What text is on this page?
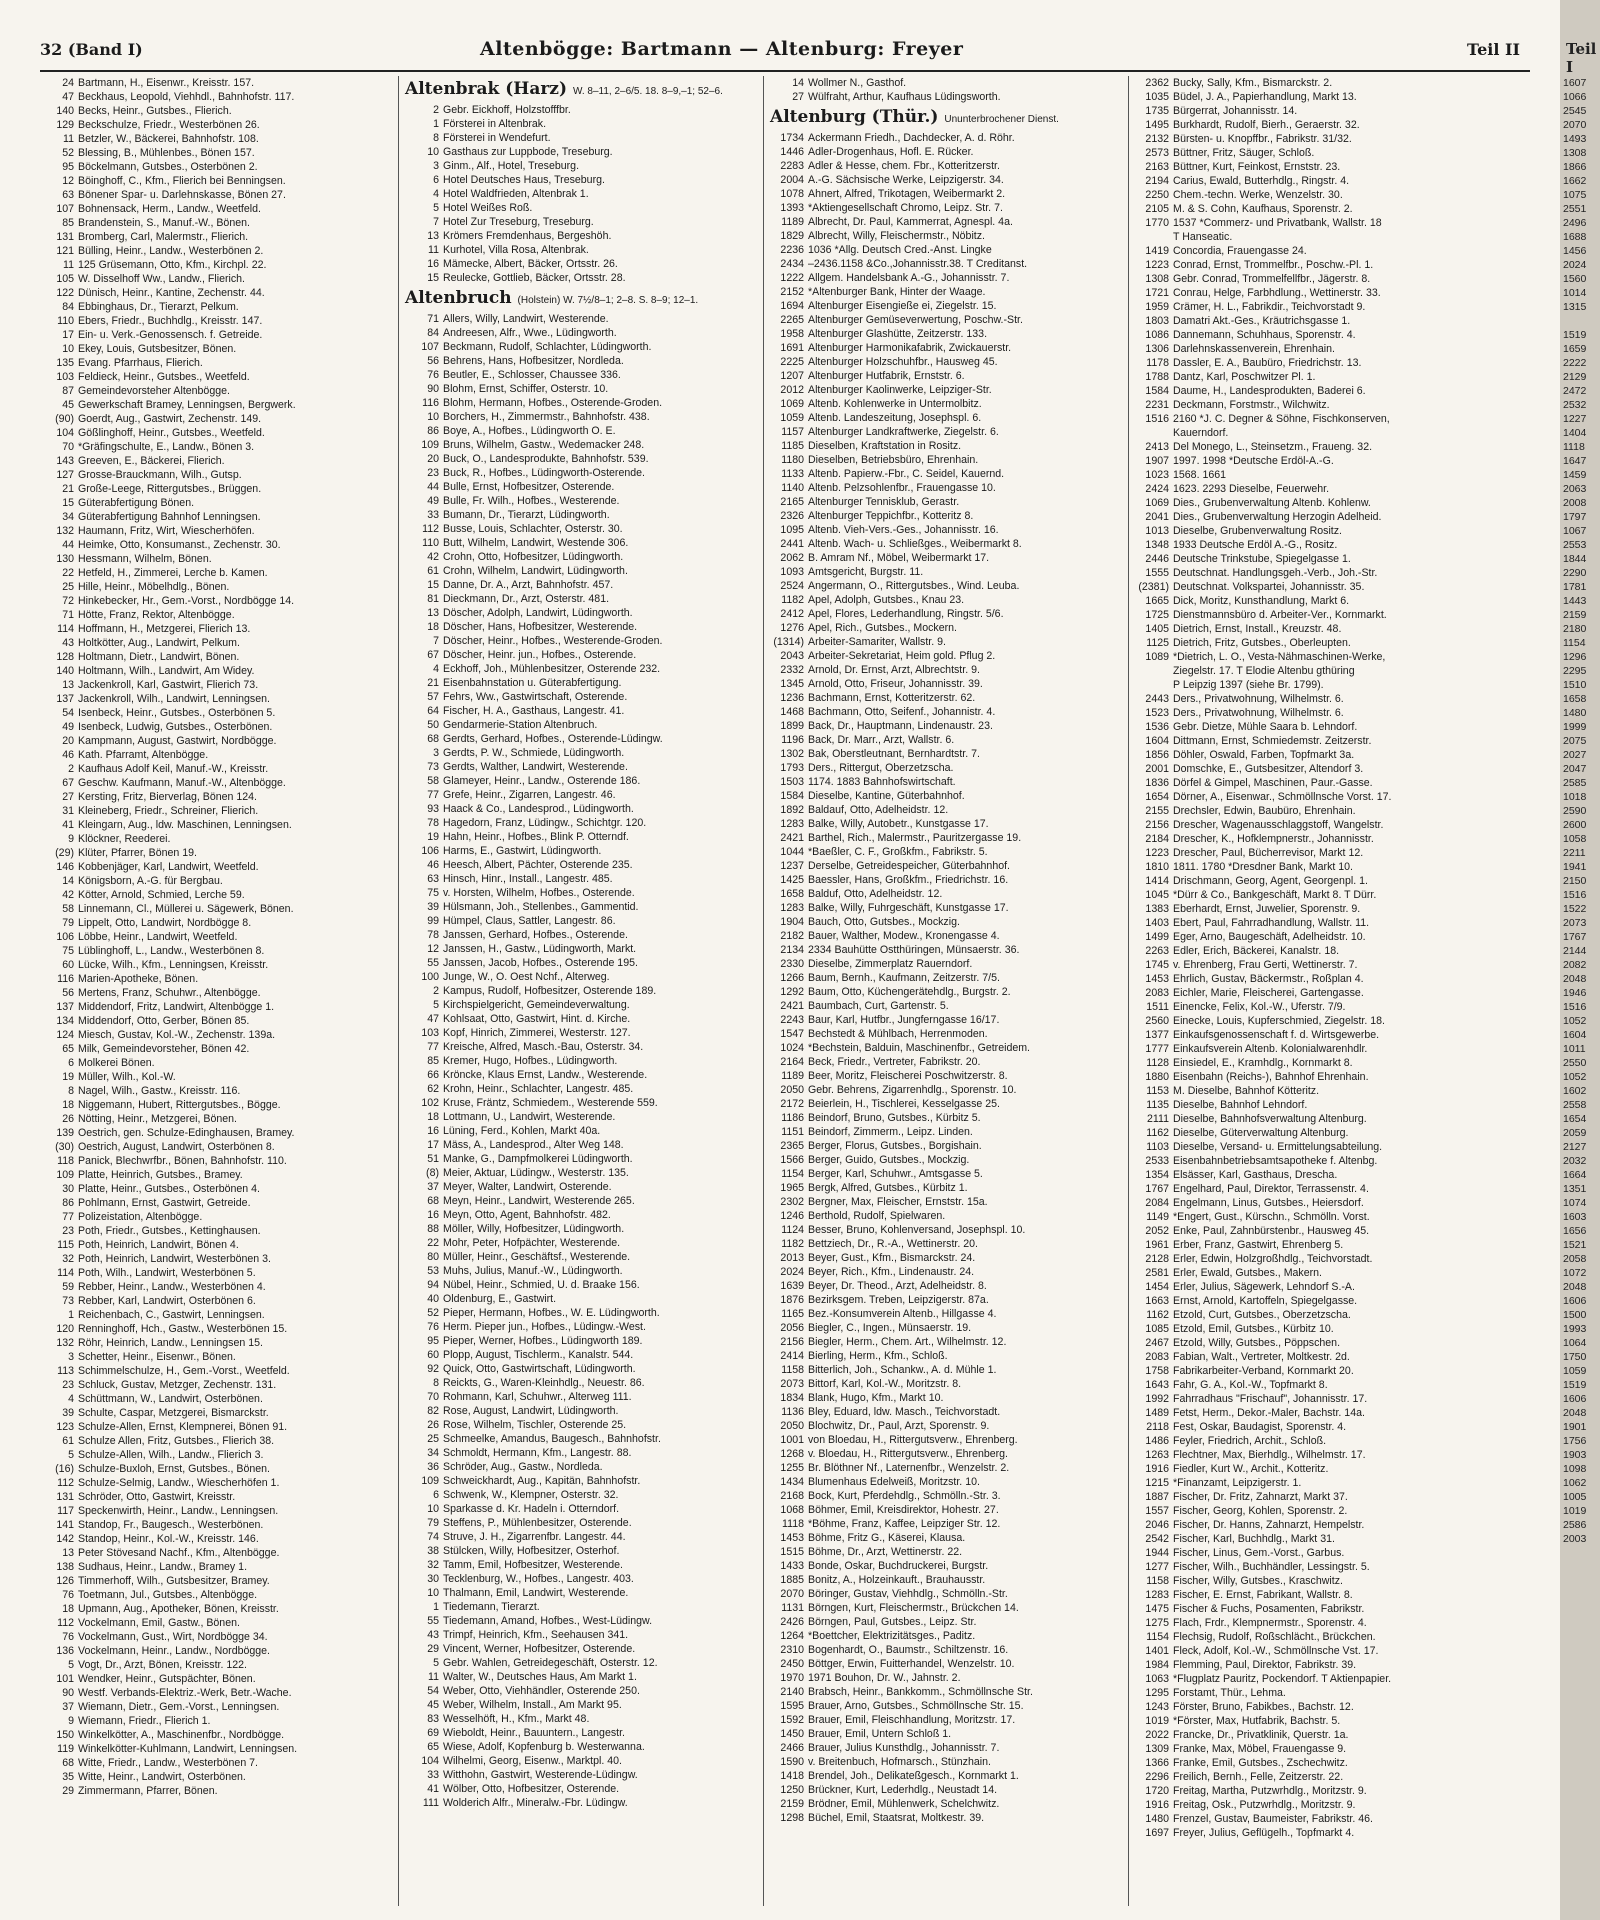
32 (Band I)	Altenbögge: Bartmann — Altenburg: Freyer	Teil II
24 Bartmann, H., Eisenwr., Kreisstr. 157.
47 Beckhaus, Leopold, Viehhdl., Bahnhofstr. 117.
140 Becks, Heinr., Gutsbes., Flierich.
129 Beckschulze, Friedr., Westerbönen 26.
11 Betzler, W., Bäckerei, Bahnhofstr. 108.
52 Blessing, B., Mühlenbes., Bönen 157.
95 Böckelmann, Gutsbes., Osterbönen 2.
12 Böinghoff, C., Kfm., Flierich bei Benningsen.
63 Bönener Spar- u. Darlehnskasse, Bönen 27.
107 Bohnensack, Herm., Landw., Weetfeld.
85 Brandenstein, S., Manuf.-W., Bönen.
131 Bromberg, Carl, Malermstr., Flierich.
121 Bülling, Heinr., Landw., Westerbönen 2.
11 125 Grüsemann, Otto, Kfm., Kirchpl. 22.
105 W. Disselhoff Ww., Landw., Flierich.
122 Dünisch, Heinr., Kantine, Zechenstr. 44.
84 Ebbinghaus, Dr., Tierarzt, Pelkum.
110 Ebers, Friedr., Buchhdlg., Kreisstr. 147.
17 Ein- u. Verk.-Genossensch. f. Getreide.
10 Ekey, Louis, Gutsbesitzer, Bönen.
135 Evang. Pfarrhaus, Flierich.
103 Feldieck, Heinr., Gutsbes., Weetfeld.
87 Gemeindevorsteher Altenbögge.
45 Gewerkschaft Bramey, Lenningsen, Bergwerk.
(90) Goerdt, Aug., Gastwirt, Zechenstr. 149.
104 Gößlinghoff, Heinr., Gutsbes., Weetfeld.
70 *Gräfingschulte, E., Landw., Bönen 3.
143 Greeven, E., Bäckerei, Flierich.
127 Grosse-Brauckmann, Wilh., Gutsp.
21 Große-Leege, Rittergutsbes., Brüggen.
15 Güterabfertigung Bönen.
34 Güterabfertigung Bahnhof Lenningsen.
132 Haumann, Fritz, Wirt, Wiescherhöfen.
44 Heimke, Otto, Konsumanst., Zechenstr. 30.
130 Hessmann, Wilhelm, Bönen.
22 Hetfeld, H., Zimmerei, Lerche b. Kamen.
25 Hille, Heinr., Möbelhdlg., Bönen.
72 Hinkebecker, Hr., Gem.-Vorst., Nordbögge 14.
71 Hötte, Franz, Rektor, Altenbögge.
114 Hoffmann, H., Metzgerei, Flierich 13.
43 Holtkötter, Aug., Landwirt, Pelkum.
128 Holtmann, Dietr., Landwirt, Bönen.
140 Holtmann, Wilh., Landwirt, Am Widey.
13 Jackenkroll, Karl, Gastwirt, Flierich 73.
137 Jackenkroll, Wilh., Landwirt, Lenningsen.
54 Isenbeck, Heinr., Gutsbes., Osterbönen 5.
49 Isenbeck, Ludwig, Gutsbes., Osterbönen.
20 Kampmann, August, Gastwirt, Nordbögge.
46 Kath. Pfarramt, Altenbögge.
2 Kaufhaus Adolf Keil, Manuf.-W., Kreisstr.
67 Geschw. Kaufmann, Manuf.-W., Altenbögge.
27 Kersting, Fritz, Bierverlag, Bönen 124.
31 Kleineberg, Friedr., Schreiner, Flierich.
41 Kleingarn, Aug., ldw. Maschinen, Lenningsen.
9 Klöckner, Reederei.
(29) Klüter, Pfarrer, Bönen 19.
146 Kobbenjäger, Karl, Landwirt, Weetfeld.
14 Königsborn, A.-G. für Bergbau.
42 Kötter, Arnold, Schmied, Lerche 59.
58 Linnemann, Cl., Müllerei u. Sägewerk, Bönen.
79 Lippelt, Otto, Landwirt, Nordbögge 8.
106 Löbbe, Heinr., Landwirt, Weetfeld.
75 Lüblinghoff, L., Landw., Westerbönen 8.
60 Lücke, Wilh., Kfm., Lenningsen, Kreisstr.
116 Marien-Apotheke, Bönen.
56 Mertens, Franz, Schuhwr., Altenbögge.
137 Middendorf, Fritz, Landwirt, Altenbögge 1.
134 Middendorf, Otto, Gerber, Bönen 85.
124 Miesch, Gustav, Kol.-W., Zechenstr. 139a.
65 Milk, Gemeindevorsteher, Bönen 42.
6 Molkerei Bönen.
19 Müller, Wilh., Kol.-W.
8 Nagel, Wilh., Gastw., Kreisstr. 116.
18 Niggemann, Hubert, Rittergutsbes., Bögge.
26 Nötting, Heinr., Metzgerei, Bönen.
139 Oestrich, gen. Schulze-Edinghausen, Bramey.
(30) Oestrich, August, Landwirt, Osterbönen 8.
118 Panick, Blechwrfbr., Bönen, Bahnhofstr. 110.
109 Platte, Heinrich, Gutsbes., Bramey.
30 Platte, Heinr., Gutsbes., Osterbönen 4.
86 Pohlmann, Ernst, Gastwirt, Getreide.
77 Polizeistation, Altenbögge.
23 Poth, Friedr., Gutsbes., Kettinghausen.
115 Poth, Heinrich, Landwirt, Bönen 4.
32 Poth, Heinrich, Landwirt, Westerbönen 3.
114 Poth, Wilh., Landwirt, Westerbönen 5.
59 Rebber, Heinr., Landw., Westerbönen 4.
73 Rebber, Karl, Landwirt, Osterbönen 6.
1 Reichenbach, C., Gastwirt, Lenningsen.
120 Renninghoff, Hch., Gastw., Westerbönen 15.
132 Röhr, Heinrich, Landw., Lenningsen 15.
3 Schetter, Heinr., Eisenwr., Bönen.
113 Schimmelschulze, H., Gem.-Vorst., Weetfeld.
23 Schluck, Gustav, Metzger, Zechenstr. 131.
4 Schüttmann, W., Landwirt, Osterbönen.
39 Schulte, Caspar, Metzgerei, Bismarckstr.
123 Schulze-Allen, Ernst, Klempnerei, Bönen 91.
61 Schulze Allen, Fritz, Gutsbes., Flierich 38.
5 Schulze-Allen, Wilh., Landw., Flierich 3.
(16) Schulze-Buxloh, Ernst, Gutsbes., Bönen.
112 Schulze-Selmig, Landw., Wiescherhöfen 1.
131 Schröder, Otto, Gastwirt, Kreisstr.
117 Speckenwirth, Heinr., Landw., Lenningsen.
141 Standop, Fr., Baugesch., Westerbönen.
142 Standop, Heinr., Kol.-W., Kreisstr. 146.
13 Peter Stövesand Nachf., Kfm., Altenbögge.
138 Sudhaus, Heinr., Landw., Bramey 1.
126 Timmerhoff, Wilh., Gutsbesitzer, Bramey.
76 Toetmann, Jul., Gutsbes., Altenbögge.
18 Upmann, Aug., Apotheker, Bönen, Kreisstr.
112 Vockelmann, Emil, Gastw., Bönen.
76 Vockelmann, Gust., Wirt, Nordbögge 34.
136 Vockelmann, Heinr., Landw., Nordbögge.
5 Vogt, Dr., Arzt, Bönen, Kreisstr. 122.
101 Wendker, Heinr., Gutspächter, Bönen.
90 Westf. Verbands-Elektriz.-Werk, Betr.-Wache.
37 Wiemann, Dietr., Gem.-Vorst., Lenningsen.
9 Wiemann, Friedr., Flierich 1.
150 Winkelkötter, A., Maschinenfbr., Nordbögge.
119 Winkelkötter-Kuhlmann, Landwirt, Lenningsen.
68 Witte, Friedr., Landw., Westerbönen 7.
35 Witte, Heinr., Landwirt, Osterbönen.
29 Zimmermann, Pfarrer, Bönen.
Altenbrak (Harz) W. 8–11, 2–6/5. 18. 8–9,–1; 52–6.
2 Gebr. Eickhoff, Holzstofffbr.
1 Försterei in Altenbrak.
8 Försterei in Wendefurt.
10 Gasthaus zur Luppbode, Treseburg.
3 Ginm., Alf., Hotel, Treseburg.
6 Hotel Deutsches Haus, Treseburg.
4 Hotel Waldfrieden, Altenbrak 1.
5 Hotel Weißes Roß.
7 Hotel Zur Treseburg, Treseburg.
13 Krömers Fremdenhaus, Bergeshöh.
11 Kurhotel, Villa Rosa, Altenbrak.
16 Mämecke, Albert, Bäcker, Ortsstr. 26.
15 Reulecke, Gottlieb, Bäcker, Ortsstr. 28.
Altenbruch (Holstein) W. 7½/8–1; 2–8. S. 8–9; 12–1.
71 Allers, Willy, Landwirt, Westerende.
84 Andreesen, Alfr., Wwe., Lüdingworth.
107 Beckmann, Rudolf, Schlachter, Lüdingworth.
56 Behrens, Hans, Hofbesitzer, Nordleda.
76 Beutler, E., Schlosser, Chaussee 336.
90 Blohm, Ernst, Schiffer, Osterstr. 10.
116 Blohm, Hermann, Hofbes., Osterende-Groden.
10 Borchers, H., Zimmermstr., Bahnhofstr. 438.
86 Boye, A., Hofbes., Lüdingworth O. E.
109 Bruns, Wilhelm, Gastw., Wedemacker 248.
20 Buck, O., Landesprodukte, Bahnhofstr. 539.
23 Buck, R., Hofbes., Lüdingworth-Osterende.
44 Bulle, Ernst, Hofbesitzer, Osterende.
49 Bulle, Fr. Wilh., Hofbes., Westerende.
33 Bumann, Dr., Tierarzt, Lüdingworth.
112 Busse, Louis, Schlachter, Osterstr. 30.
110 Butt, Wilhelm, Landwirt, Westende 306.
42 Crohn, Otto, Hofbesitzer, Lüdingworth.
61 Crohn, Wilhelm, Landwirt, Lüdingworth.
15 Danne, Dr. A., Arzt, Bahnhofstr. 457.
81 Dieckmann, Dr., Arzt, Osterstr. 481.
13 Döscher, Adolph, Landwirt, Lüdingworth.
18 Döscher, Hans, Hofbesitzer, Westerende.
7 Döscher, Heinr., Hofbes., Westerende-Groden.
67 Döscher, Heinr. jun., Hofbes., Osterende.
4 Eckhoff, Joh., Mühlenbesitzer, Osterende 232.
21 Eisenbahnstation u. Güterabfertigung.
57 Fehrs, Ww., Gastwirtschaft, Osterende.
64 Fischer, H. A., Gasthaus, Langestr. 41.
50 Gendarmerie-Station Altenbruch.
68 Gerdts, Gerhard, Hofbes., Osterende-Lüdingw.
3 Gerdts, P. W., Schmiede, Lüdingworth.
73 Gerdts, Walther, Landwirt, Westerende.
58 Glameyer, Heinr., Landw., Osterende 186.
77 Grefe, Heinr., Zigarren, Langestr. 46.
93 Haack & Co., Landesprod., Lüdingworth.
78 Hagedorn, Franz, Lüdingw., Schichtgr. 120.
19 Hahn, Heinr., Hofbes., Blink P. Otterndf.
106 Harms, E., Gastwirt, Lüdingworth.
46 Heesch, Albert, Pächter, Osterende 235.
63 Hinsch, Hinr., Install., Langestr. 485.
75 v. Horsten, Wilhelm, Hofbes., Osterende.
39 Hülsmann, Joh., Stellenbes., Gammentid.
99 Hümpel, Claus, Sattler, Langestr. 86.
78 Janssen, Gerhard, Hofbes., Osterende.
12 Janssen, H., Gastw., Lüdingworth, Markt.
55 Janssen, Jacob, Hofbes., Osterende 195.
100 Junge, W., O. Oest Nchf., Alterweg.
2 Kampus, Rudolf, Hofbesitzer, Osterende 189.
5 Kirchspielgericht, Gemeindeverwaltung.
47 Kohlsaat, Otto, Gastwirt, Hint. d. Kirche.
103 Kopf, Hinrich, Zimmerei, Westerstr. 127.
77 Kreische, Alfred, Masch.-Bau, Osterstr. 34.
85 Kremer, Hugo, Hofbes., Lüdingworth.
66 Kröncke, Klaus Ernst, Landw., Westerende.
62 Krohn, Heinr., Schlachter, Langestr. 485.
102 Kruse, Fräntz, Schmiedem., Westerende 559.
18 Lottmann, U., Landwirt, Westerende.
16 Lüning, Ferd., Kohlen, Markt 40a.
17 Mäss, A., Landesprod., Alter Weg 148.
51 Manke, G., Dampfmolkerei Lüdingworth.
(8) Meier, Aktuar, Lüdingw., Westerstr. 135.
37 Meyer, Walter, Landwirt, Osterende.
68 Meyn, Heinr., Landwirt, Westerende 265.
16 Meyn, Otto, Agent, Bahnhofstr. 482.
88 Möller, Willy, Hofbesitzer, Lüdingworth.
22 Mohr, Peter, Hofpächter, Westerende.
80 Müller, Heinr., Geschäftsf., Westerende.
53 Muhs, Julius, Manuf.-W., Lüdingworth.
94 Nübel, Heinr., Schmied, U. d. Braake 156.
40 Oldenburg, E., Gastwirt.
52 Pieper, Hermann, Hofbes., W. E. Lüdingworth.
76 Herm. Pieper jun., Hofbes., Lüdingw.-West.
95 Pieper, Werner, Hofbes., Lüdingworth 189.
60 Plopp, August, Tischlerm., Kanalstr. 544.
92 Quick, Otto, Gastwirtschaft, Lüdingworth.
8 Reickts, G., Waren-Kleinhdlg., Neuestr. 86.
70 Rohmann, Karl, Schuhwr., Alterweg 111.
82 Rose, August, Landwirt, Lüdingworth.
26 Rose, Wilhelm, Tischler, Osterende 25.
25 Schmeelke, Amandus, Baugesch., Bahnhofstr.
34 Schmoldt, Hermann, Kfm., Langestr. 88.
36 Schröder, Aug., Gastw., Nordleda.
109 Schweickhardt, Aug., Kapitän, Bahnhofstr.
6 Schwenk, W., Klempner, Osterstr. 32.
10 Sparkasse d. Kr. Hadeln i. Otterndorf.
79 Steffens, P., Mühlenbesitzer, Osterende.
74 Struve, J. H., Zigarrenfbr. Langestr. 44.
38 Stülcken, Willy, Hofbesitzer, Osterhof.
32 Tamm, Emil, Hofbesitzer, Westerende.
30 Tecklenburg, W., Hofbes., Langestr. 403.
10 Thalmann, Emil, Landwirt, Westerende.
1 Tiedemann, Tierarzt.
55 Tiedemann, Amand, Hofbes., West-Lüdingw.
43 Trimpf, Heinrich, Kfm., Seehausen 341.
29 Vincent, Werner, Hofbesitzer, Osterende.
5 Gebr. Wahlen, Getreidegeschäft, Osterstr. 12.
11 Walter, W., Deutsches Haus, Am Markt 1.
54 Weber, Otto, Viehhändler, Osterende 250.
45 Weber, Wilhelm, Install., Am Markt 95.
83 Wesselhöft, H., Kfm., Markt 48.
69 Wieboldt, Heinr., Bauuntern., Langestr.
65 Wiese, Adolf, Kopfenburg b. Westerwanna.
104 Wilhelmi, Georg, Eisenw., Marktpl. 40.
33 Witthohn, Gastwirt, Westerende-Lüdingw.
41 Wölber, Otto, Hofbesitzer, Osterende.
111 Wolderich Alfr., Mineralw.-Fbr. Lüdingw.
14 Wollmer N., Gasthof.
27 Wülfraht, Arthur, Kaufhaus Lüdingsworth.
Altenburg (Thür.) Ununterbrochener Dienst.
1734 Ackermann Friedh., Dachdecker, A. d. Röhr.
1446 Adler-Drogenhaus, Hofl. E. Rücker.
2283 Adler & Hesse, chem. Fbr., Kotteritzerstr.
2004 A.-G. Sächsische Werke, Leipzigerstr. 34.
1078 Ahnert, Alfred, Trikotagen, Weibermarkt 2.
1393 *Aktiengesellschaft Chromo, Leipz. Str. 7.
1189 Albrecht, Dr. Paul, Kammerrat, Agnespl. 4a.
1829 Albrecht, Willy, Fleischermstr., Nöbitz.
2236 1036 *Allg. Deutsch Cred.-Anst. Lingke
2434 –2436.1158 &Co.,Johannisstr.38. T Creditanst.
1222 Allgem. Handelsbank A.-G., Johannisstr. 7.
2152 *Altenburger Bank, Hinter der Waage.
1694 Altenburger Eisengieße ei, Ziegelstr. 15.
2265 Altenburger Gemüseverwertung, Poschw.-Str.
1958 Altenburger Glashütte, Zeitzerstr. 133.
1691 Altenburger Harmonikafabrik, Zwickauerstr.
2225 Altenburger Holzschuhfbr., Hausweg 45.
1207 Altenburger Hutfabrik, Ernststr. 6.
2012 Altenburger Kaolinwerke, Leipziger-Str.
1069 Altenb. Kohlenwerke in Untermolbitz.
1059 Altenb. Landeszeitung, Josephspl. 6.
1157 Altenburger Landkraftwerke, Ziegelstr. 6.
1185 Dieselben, Kraftstation in Rositz.
1180 Dieselben, Betriebsbüro, Ehrenhain.
1133 Altenb. Papierw.-Fbr., C. Seidel, Kauernd.
1140 Altenb. Pelzsohlenfbr., Frauengasse 10.
2165 Altenburger Tennisklub, Gerastr.
2326 Altenburger Teppichfbr., Kotteritz 8.
1095 Altenb. Vieh-Vers.-Ges., Johannisstr. 16.
2441 Altenb. Wach- u. Schließges., Weibermarkt 8.
2062 B. Amram Nf., Möbel, Weibermarkt 17.
1093 Amtsgericht, Burgstr. 11.
2524 Angermann, O., Rittergutsbes., Wind. Leuba.
1182 Apel, Adolph, Gutsbes., Knau 23.
2412 Apel, Flores, Lederhandlung, Ringstr. 5/6.
1276 Apel, Rich., Gutsbes., Mockern.
(1314) Arbeiter-Samariter, Wallstr. 9.
2043 Arbeiter-Sekretariat, Heim gold. Pflug 2.
2332 Arnold, Dr. Ernst, Arzt, Albrechtstr. 9.
1345 Arnold, Otto, Friseur, Johannisstr. 39.
1236 Bachmann, Ernst, Kotteritzerstr. 62.
1468 Bachmann, Otto, Seifenf., Johannistr. 4.
1899 Back, Dr., Hauptmann, Lindenaustr. 23.
1196 Back, Dr. Marr., Arzt, Wallstr. 6.
1302 Bak, Oberstleutnant, Bernhardtstr. 7.
1793 Ders., Rittergut, Oberzetzscha.
1503 1174. 1883 Bahnhofswirtschaft.
1584 Dieselbe, Kantine, Güterbahnhof.
1892 Baldauf, Otto, Adelheidstr. 12.
1283 Balke, Willy, Autobetr., Kunstgasse 17.
2421 Barthel, Rich., Malermstr., Pauritzergasse 19.
1044 *Baeßler, C. F., Großkfm., Fabrikstr. 5.
1237 Derselbe, Getreidespeicher, Güterbahnhof.
1425 Baessler, Hans, Großkfm., Friedrichstr. 16.
1658 Balduf, Otto, Adelheidstr. 12.
1283 Balke, Willy, Fuhrgeschäft, Kunstgasse 17.
1904 Bauch, Otto, Gutsbes., Mockzig.
2182 Bauer, Walther, Modew., Kronengasse 4.
2134 2334 Bauhütte Ostthüringen, Münsaerstr. 36.
2330 Dieselbe, Zimmerplatz Rauerndorf.
1266 Baum, Bernh., Kaufmann, Zeitzerstr. 7/5.
1292 Baum, Otto, Küchengerätehdlg., Burgstr. 2.
2421 Baumbach, Curt, Gartenstr. 5.
2243 Baur, Karl, Hutfbr., Jungferngasse 16/17.
1547 Bechstedt & Mühlbach, Herrenmoden.
1024 *Bechstein, Balduin, Maschinenfbr., Getreidem.
2164 Beck, Friedr., Vertreter, Fabrikstr. 20.
1189 Beer, Moritz, Fleischerei Poschwitzerstr. 8.
2050 Gebr. Behrens, Zigarrenhdlg., Sporenstr. 10.
2172 Beierlein, H., Tischlerei, Kesselgasse 25.
1186 Beindorf, Bruno, Gutsbes., Kürbitz 5.
1151 Beindorf, Zimmerm., Leipz. Linden.
2365 Berger, Florus, Gutsbes., Borgishain.
1566 Berger, Guido, Gutsbes., Mockzig.
1154 Berger, Karl, Schuhwr., Amtsgasse 5.
1965 Bergk, Alfred, Gutsbes., Kürbitz 1.
2302 Bergner, Max, Fleischer, Ernststr. 15a.
1246 Berthold, Rudolf, Spielwaren.
1124 Besser, Bruno, Kohlenversand, Josephspl. 10.
1182 Bettziech, Dr., R.-A., Wettinerstr. 20.
2013 Beyer, Gust., Kfm., Bismarckstr. 24.
2024 Beyer, Rich., Kfm., Lindenaustr. 24.
1639 Beyer, Dr. Theod., Arzt, Adelheidstr. 8.
1876 Bezirksgem. Treben, Leipzigerstr. 87a.
1165 Bez.-Konsumverein Altenb., Hillgasse 4.
2056 Biegler, C., Ingen., Münsaerstr. 19.
2156 Biegler, Herm., Chem. Art., Wilhelmstr. 12.
2414 Bierling, Herm., Kfm., Schloß.
1158 Bitterlich, Joh., Schankw., A. d. Mühle 1.
2073 Bittorf, Karl, Kol.-W., Moritzstr. 8.
1834 Blank, Hugo, Kfm., Markt 10.
1136 Bley, Eduard, ldw. Masch., Teichvorstadt.
2050 Blochwitz, Dr., Paul, Arzt, Sporenstr. 9.
1001 von Bloedau, H., Rittergutsverw., Ehrenberg.
1268 v. Bloedau, H., Rittergutsverw., Ehrenberg.
1255 Br. Blöthner Nf., Laternenfbr., Wenzelstr. 2.
1434 Blumenhaus Edelweiß, Moritzstr. 10.
2168 Bock, Kurt, Pferdehdlg., Schmölln.-Str. 3.
1068 Böhmer, Emil, Kreisdirektor, Hohestr. 27.
1118 *Böhme, Franz, Kaffee, Leipziger Str. 12.
1453 Böhme, Fritz G., Käserei, Klausa.
1515 Böhme, Dr., Arzt, Wettinerstr. 22.
1433 Bonde, Oskar, Buchdruckerei, Burgstr.
1885 Bonitz, A., Holzeinkauft., Brauhausstr.
2070 Böringer, Gustav, Viehhdlg., Schmölln.-Str.
1131 Börngen, Kurt, Fleischermstr., Brückchen 14.
2426 Börngen, Paul, Gutsbes., Leipz. Str.
1264 *Boettcher, Elektrizitätsges., Paditz.
2310 Bogenhardt, O., Baumstr., Schiltzenstr. 16.
2450 Böttger, Erwin, Fuitterhandel, Wenzelstr. 10.
1970 1971 Bouhon, Dr. W., Jahnstr. 2.
2140 Brabsch, Heinr., Bankkomm., Schmöllnsche Str.
1595 Brauer, Arno, Gutsbes., Schmöllnsche Str. 15.
1592 Brauer, Emil, Fleischhandlung, Moritzstr. 17.
1450 Brauer, Emil, Untern Schloß 1.
2466 Brauer, Julius Kunsthdlg., Johannisstr. 7.
1590 v. Breitenbuch, Hofmarsch., Stünzhain.
1418 Brendel, Joh., Delikateßgesch., Kornmarkt 1.
1250 Brückner, Kurt, Lederhdlg., Neustadt 14.
2159 Brödner, Emil, Mühlenwerk, Schelchwitz.
1298 Büchel, Emil, Staatsrat, Moltkestr. 39.
2362 Bucky, Sally, Kfm., Bismarckstr. 2.
1035 Büdel, J. A., Papierhandlung, Markt 13.
1735 Bürgerrat, Johannisstr. 14.
1495 Burkhardt, Rudolf, Bierh., Geraerstr. 32.
2132 Bürsten- u. Knopffbr., Fabrikstr. 31/32.
2573 Büttner, Fritz, Säuger, Schloß.
2163 Büttner, Kurt, Feinkost, Ernststr. 23.
2194 Carius, Ewald, Butterhdlg., Ringstr. 4.
2250 Chem.-techn. Werke, Wenzelstr. 30.
2105 M. & S. Cohn, Kaufhaus, Sporenstr. 2.
1770 1537 *Commerz- und Privatbank, Wallstr. 18
T Hanseatic.
1419 Concordia, Frauengasse 24.
1223 Conrad, Ernst, Trommelfbr., Poschw.-Pl. 1.
1308 Gebr. Conrad, Trommelfellfbr., Jägerstr. 8.
1721 Conrau, Helge, Farbhdlung., Wettinerstr. 33.
1959 Crämer, H. L., Fabrikdir., Teichvorstadt 9.
1803 Damatri Akt.-Ges., Kräutrichsgasse 1.
1086 Dannemann, Schuhhaus, Sporenstr. 4.
1306 Darlehnskassenverein, Ehrenhain.
1178 Dassler, E. A., Baubüro, Friedrichstr. 13.
1788 Dantz, Karl, Poschwitzer Pl. 1.
1584 Daume, H., Landesprodukten, Baderei 6.
2231 Deckmann, Forstmstr., Wilchwitz.
1516 2160 *J. C. Degner & Söhne, Fischkonserven,
Kauerndorf.
2413 Del Monego, L., Steinsetzm., Fraueng. 32.
1907 1997. 1998 *Deutsche Erdöl-A.-G.
1023 1568. 1661
2424 1623. 2293 Dieselbe, Feuerwehr.
1069 Dies., Grubenverwaltung Altenb. Kohlenw.
2041 Dies., Grubenverwaltung Herzogin Adelheid.
1013 Dieselbe, Grubenverwaltung Rositz.
1348 1933 Deutsche Erdöl A.-G., Rositz.
2446 Deutsche Trinkstube, Spiegelgasse 1.
1555 Deutschnat. Handlungsgeh.-Verb., Joh.-Str.
(2381) Deutschnat. Volkspartei, Johannisstr. 35.
1665 Dick, Moritz, Kunsthandlung, Markt 6.
1725 Dienstmannsbüro d. Arbeiter-Ver., Kornmarkt.
1405 Dietrich, Ernst, Install., Kreuzstr. 48.
1125 Dietrich, Fritz, Gutsbes., Oberleupten.
1089 *Dietrich, L. O., Vesta-Nähmaschinen-Werke,
Ziegelstr. 17. T Elodie Altenbu gthüring
P Leipzig 1397 (siehe Br. 1799).
2443 Ders., Privatwohnung, Wilhelmstr. 6.
1523 Ders., Privatwohnung, Wilhelmstr. 6.
1536 Gebr. Dietze, Mühle Saara b. Lehndorf.
1604 Dittmann, Ernst, Schmiedemstr. Zeitzerstr.
1856 Döhler, Oswald, Farben, Topfmarkt 3a.
2001 Domschke, E., Gutsbesitzer, Altendorf 3.
1836 Dörfel & Gimpel, Maschinen, Paur.-Gasse.
1654 Dörner, A., Eisenwar., Schmöllnsche Vorst. 17.
2155 Drechsler, Edwin, Baubüro, Ehrenhain.
2156 Drescher, Wagenausschlaggstoff, Wangelstr.
2184 Drescher, K., Hofklempnerstr., Johannisstr.
1223 Drescher, Paul, Bücherrevisor, Markt 12.
1810 1811. 1780 *Dresdner Bank, Markt 10.
1414 Drischmann, Georg, Agent, Georgenpl. 1.
1045 *Dürr & Co., Bankgeschäft, Markt 8. T Dürr.
1383 Eberhardt, Ernst, Juwelier, Sporenstr. 9.
1403 Ebert, Paul, Fahrradhandlung, Wallstr. 11.
1499 Eger, Arno, Baugeschäft, Adelheidstr. 10.
2263 Edler, Erich, Bäckerei, Kanalstr. 18.
1745 v. Ehrenberg, Frau Gerti, Wettinerstr. 7.
1453 Ehrlich, Gustav, Bäckermstr., Roßplan 4.
2083 Eichler, Marie, Fleischerei, Gartengasse.
1511 Einencke, Felix, Kol.-W., Uferstr. 7/9.
2560 Einecke, Louis, Kupferschmied, Ziegelstr. 18.
1377 Einkaufsgenossenschaft f. d. Wirtsgewerbe.
1777 Einkaufsverein Altenb. Kolonialwarenhdlr.
1128 Einsiedel, E., Kramhdlg., Kornmarkt 8.
1880 Eisenbahn (Reichs-), Bahnhof Ehrenhain.
1153 M. Dieselbe, Bahnhof Kötteritz.
1135 Dieselbe, Bahnhof Lehndorf.
2111 Dieselbe, Bahnhofsverwaltung Altenburg.
1162 Dieselbe, Güterverwaltung Altenburg.
1103 Dieselbe, Versand- u. Ermittelungsabteilung.
2533 Eisenbahnbetriebsamtsapotheke f. Altenbg.
1354 Elsässer, Karl, Gasthaus, Drescha.
1767 Engelhard, Paul, Direktor, Terrassenstr. 4.
2084 Engelmann, Linus, Gutsbes., Heiersdorf.
1149 *Engert, Gust., Kürschn., Schmölln. Vorst.
2052 Enke, Paul, Zahnbürstenbr., Hausweg 45.
1961 Erber, Franz, Gastwirt, Ehrenberg 5.
2128 Erler, Edwin, Holzgroßhdlg., Teichvorstadt.
2581 Erler, Ewald, Gutsbes., Makern.
1454 Erler, Julius, Sägewerk, Lehndorf S.-A.
1663 Ernst, Arnold, Kartoffeln, Spiegelgasse.
1162 Etzold, Curt, Gutsbes., Oberzetzscha.
1085 Etzold, Emil, Gutsbes., Kürbitz 10.
2467 Etzold, Willy, Gutsbes., Pöppschen.
2083 Fabian, Walt., Vertreter, Moltkestr. 2d.
1758 Fabrikarbeiter-Verband, Kornmarkt 20.
1643 Fahr, G. A., Kol.-W., Topfmarkt 8.
1992 Fahrradhaus "Frischauf", Johannisstr. 17.
1489 Fetst, Herm., Dekor.-Maler, Bachstr. 14a.
2118 Fest, Oskar, Baudagist, Sporenstr. 4.
1486 Feyler, Friedrich, Archit., Schloß.
1263 Flechtner, Max, Bierhdlg., Wilhelmstr. 17.
1916 Fiedler, Kurt W., Archit., Kotteritz.
1215 *Finanzamt, Leipzigerstr. 1.
1887 Fischer, Dr. Fritz, Zahnarzt, Markt 37.
1557 Fischer, Georg, Kohlen, Sporenstr. 2.
2046 Fischer, Dr. Hanns, Zahnarzt, Hempelstr.
2542 Fischer, Karl, Buchhdlg., Markt 31.
1944 Fischer, Linus, Gem.-Vorst., Garbus.
1277 Fischer, Wilh., Buchhändler, Lessingstr. 5.
1158 Fischer, Willy, Gutsbes., Kraschwitz.
1283 Fischer, E. Ernst, Fabrikant, Wallstr. 8.
1475 Fischer & Fuchs, Posamenten, Fabrikstr.
1275 Flach, Frdr., Klempnermstr., Sporenstr. 4.
1154 Flechsig, Rudolf, Roßschlächt., Brückchen.
1401 Fleck, Adolf, Kol.-W., Schmöllnsche Vst. 17.
1984 Flemming, Paul, Direktor, Fabrikstr. 39.
1063 *Flugplatz Pauritz, Pockendorf. T Aktienpapier.
1295 Forstamt, Thür., Lehma.
1243 Förster, Bruno, Fabikbes., Bachstr. 12.
1019 *Förster, Max, Hutfabrik, Bachstr. 5.
2022 Francke, Dr., Privatklinik, Querstr. 1a.
1309 Franke, Max, Möbel, Frauengasse 9.
1366 Franke, Emil, Gutsbes., Zschechwitz.
2296 Freilich, Bernh., Felle, Zeitzerstr. 22.
1720 Freitag, Martha, Putzwrhdlg., Moritzstr. 9.
1916 Freitag, Osk., Putzwrhdlg., Moritzstr. 9.
1480 Frenzel, Gustav, Baumeister, Fabrikstr. 46.
1697 Freyer, Julius, Geflügelh., Topfmarkt 4.
Teil I
1607
1066
2545
2070
1493
1308
1866
1662
1075
2551
2496
1688
1456
2024
1560
1014
1315

1519
1659
2222
2129
2472
2532
1227
1404
1118
1647
1459
2063
2008
1797
1067
2553
1844
2290
1781
1443
2159
2180
1154
1296
2295
1510
1658
1480
1999
2075
2027
2047
2585
1018
2590
2600
1058
2211
1941
2150
1516
1522
2073
1767
2144
2082
2048
1946
1516
1052
1604
1011
2550
1052
1602
2558
1654
2059
2127
2032
1664
1351
1074
1603
1656
1521
2058
1072
2048
1606
1500
1993
1064
1750
1059
1519
1606
2048
1901
1756
1903
1098
1062
1005
1019
2586
2003
